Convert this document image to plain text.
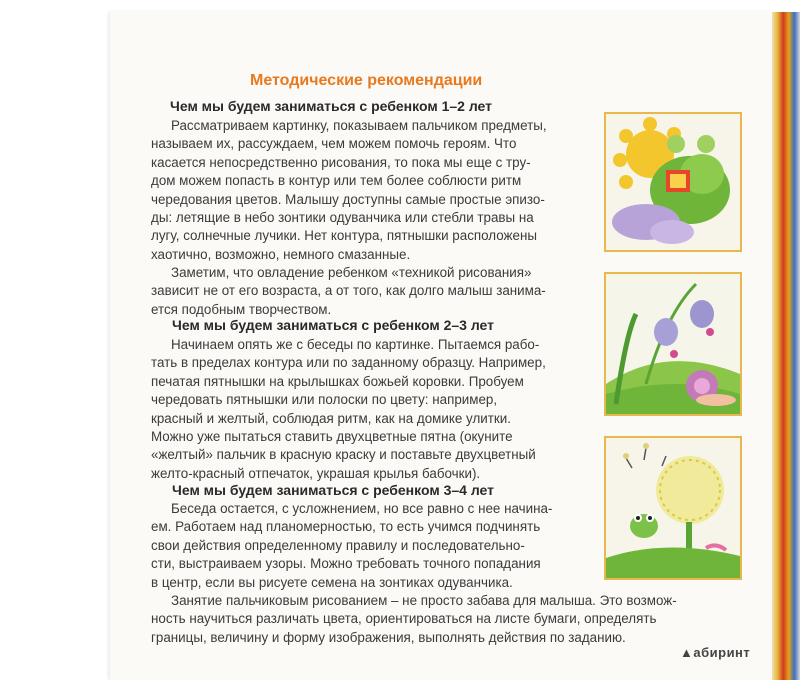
Методические рекомендации
Чем мы будем заниматься с ребенком 1–2 лет
Рассматриваем картинку, показываем пальчиком предметы,
называем их, рассуждаем, чем можем помочь героям. Что
касается непосредственно рисования, то пока мы еще с тру-
дом можем попасть в контур или тем более соблюсти ритм
чередования цветов. Малышу доступны самые простые эпизо-
ды: летящие в небо зонтики одуванчика или стебли травы на
лугу, солнечные лучики. Нет контура, пятнышки расположены
хаотично, возможно, немного смазанные.
Заметим, что овладение ребенком «техникой рисования»
зависит не от его возраста, а от того, как долго малыш занима-
ется подобным творчеством.
Чем мы будем заниматься с ребенком 2–3 лет
Начинаем опять же с беседы по картинке. Пытаемся рабо-
тать в пределах контура или по заданному образцу. Например,
печатая пятнышки на крылышках божьей коровки. Пробуем
чередовать пятнышки или полоски по цвету: например,
красный и желтый, соблюдая ритм, как на домике улитки.
Можно уже пытаться ставить двухцветные пятна (окуните
«желтый» пальчик в красную краску и поставьте двухцветный
желто-красный отпечаток, украшая крылья бабочки).
Чем мы будем заниматься с ребенком 3–4 лет
Беседа остается, с усложнением, но все равно с нее начина-
ем. Работаем над планомерностью, то есть учимся подчинять
свои действия определенному правилу и последовательно-
сти, выстраиваем узоры. Можно требовать точного попадания
в центр, если вы рисуете семена на зонтиках одуванчика.
Занятие пальчиковым рисованием – не просто забава для малыша. Это возмож-
ность научиться различать цвета, ориентироваться на листе бумаги, определять
границы, величину и форму изображения, выполнять действия по заданию.
▲абиринт
